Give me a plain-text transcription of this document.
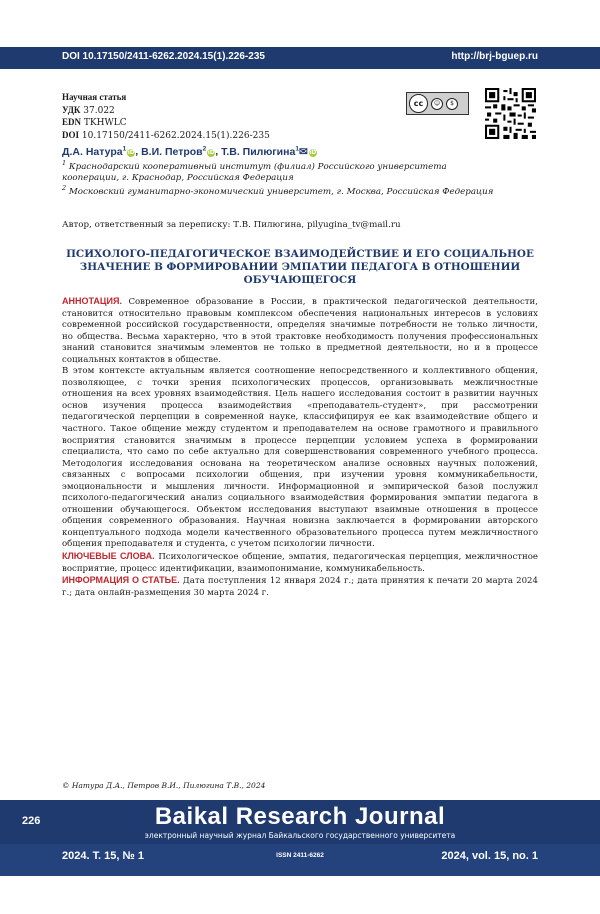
DOI 10.17150/2411-6262.2024.15(1).226-235	http://brj-bguep.ru
Научная статья
УДК 37.022
EDN TKHWLC
DOI 10.17150/2411-6262.2024.15(1).226-235
cc	☺	$
Д.А. Натура1iD, В.И. Петров2iD, Т.В. Пилюгина1✉iD
1 Краснодарский кооперативный институт (филиал) Российского университета кооперации, г. Краснодар, Российская Федерация
2 Московский гуманитарно-экономический университет, г. Москва, Российская Федерация
Автор, ответственный за переписку: Т.В. Пилюгина, pilyugina_tv@mail.ru
ПСИХОЛОГО-ПЕДАГОГИЧЕСКОЕ ВЗАИМОДЕЙСТВИЕ И ЕГО СОЦИАЛЬНОЕ ЗНАЧЕНИЕ В ФОРМИРОВАНИИ ЭМПАТИИ ПЕДАГОГА В ОТНОШЕНИИ ОБУЧАЮЩЕГОСЯ

АННОТАЦИЯ. Современное образование в России, в практической педагогической деятельности, становится относительно правовым комплексом обеспечения национальных интересов в условиях современной российской государственности, определяя значимые потребности не только личности, но общества. Весьма характерно, что в этой трактовке необходимость получения профессиональных знаний становится значимым элементов не только в предметной деятельности, но и в процессе социальных контактов в обществе.

В этом контексте актуальным является соотношение непосредственного и коллективного общения, позволяющее, с точки зрения психологических процессов, организовывать межличностные отношения на всех уровнях взаимодействия. Цель нашего исследования состоит в развитии научных основ изучения процесса взаимодействия «преподаватель-студент», при рассмотрении педагогической перцепции в современной науке, классифицируя ее как взаимодействие общего и частного. Такое общение между студентом и преподавателем на основе грамотного и правильного восприятия становится значимым в процессе перцепции условием успеха в формировании специалиста, что само по себе актуально для совершенствования современного учебного процесса. Методология исследования основана на теоретическом анализе основных научных положений, связанных с вопросами психологии общения, при изучении уровня коммуникабельности, эмоциональности и мышления личности. Информационной и эмпирической базой послужил психолого-педагогический анализ социального взаимодействия формирования эмпатии педагога в отношении обучающегося. Объектом исследования выступают взаимные отношения в процессе общения современного образования. Научная новизна заключается в формировании авторского концептуального подхода модели качественного образовательного процесса путем межличностного общения преподавателя и студента, с учетом психологии личности.

КЛЮЧЕВЫЕ СЛОВА. Психологическое общение, эмпатия, педагогическая перцепция, межличностное восприятие, процесс идентификации, взаимопонимание, коммуникабельность.

ИНФОРМАЦИЯ О СТАТЬЕ. Дата поступления 12 января 2024 г.; дата принятия к печати 20 марта 2024 г.; дата онлайн-размещения 30 марта 2024 г.

© Натура Д.А., Петров В.И., Пилюгина Т.В., 2024
226	Baikal Research Journal
электронный научный журнал Байкальского государственного университета
2024. Т. 15, № 1	ISSN 2411-6262	2024, vol. 15, no. 1
